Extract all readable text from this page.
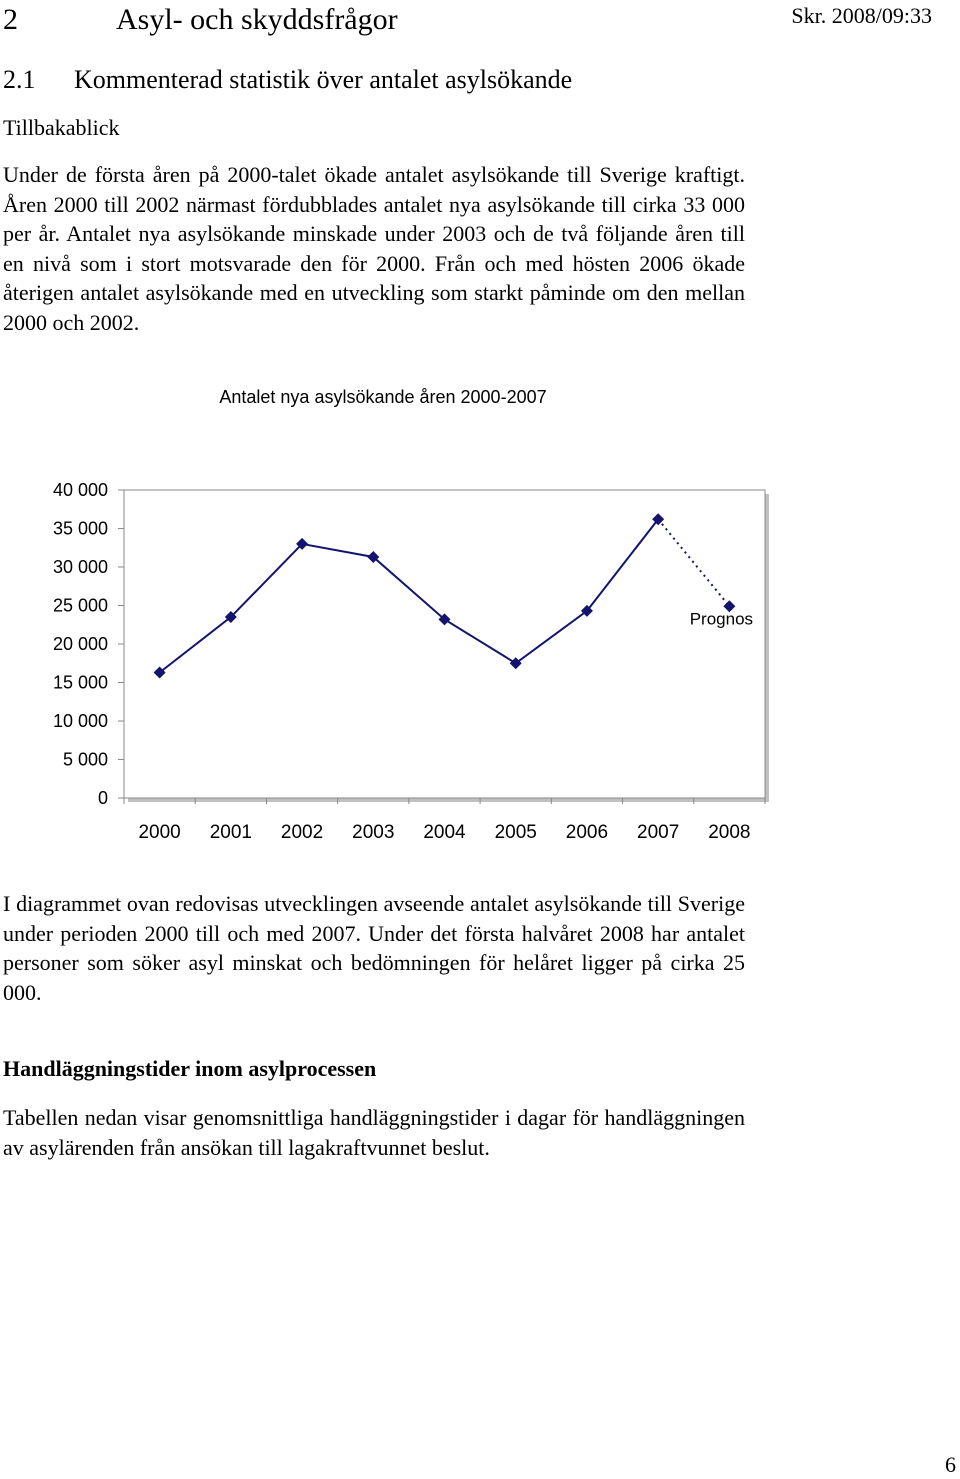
2	Asyl- och skyddsfrågor	Skr. 2008/09:33
2.1 Kommenterad statistik över antalet asylsökande
Tillbakablick
Under de första åren på 2000-talet ökade antalet asylsökande till Sverige kraftigt. Åren 2000 till 2002 närmast fördubblades antalet nya asylsökande till cirka 33 000 per år. Antalet nya asylsökande minskade under 2003 och de två följande åren till en nivå som i stort motsvarade den för 2000. Från och med hösten 2006 ökade återigen antalet asylsökande med en utveckling som starkt påminde om den mellan 2000 och 2002.
Antalet nya asylsökande åren 2000-2007
40 000
35 000
30 000
25 000
20 000
15 000
10 000
5 000
0
Prognos
2000 2001 2002 2003 2004 2005 2006 2007 2008
I diagrammet ovan redovisas utvecklingen avseende antalet asylsökande till Sverige under perioden 2000 till och med 2007. Under det första halvåret 2008 har antalet personer som söker asyl minskat och bedömningen för helåret ligger på cirka 25 000.
Handläggningstider inom asylprocessen
Tabellen nedan visar genomsnittliga handläggningstider i dagar för handläggningen av asylärenden från ansökan till lagakraftvunnet beslut.
6
